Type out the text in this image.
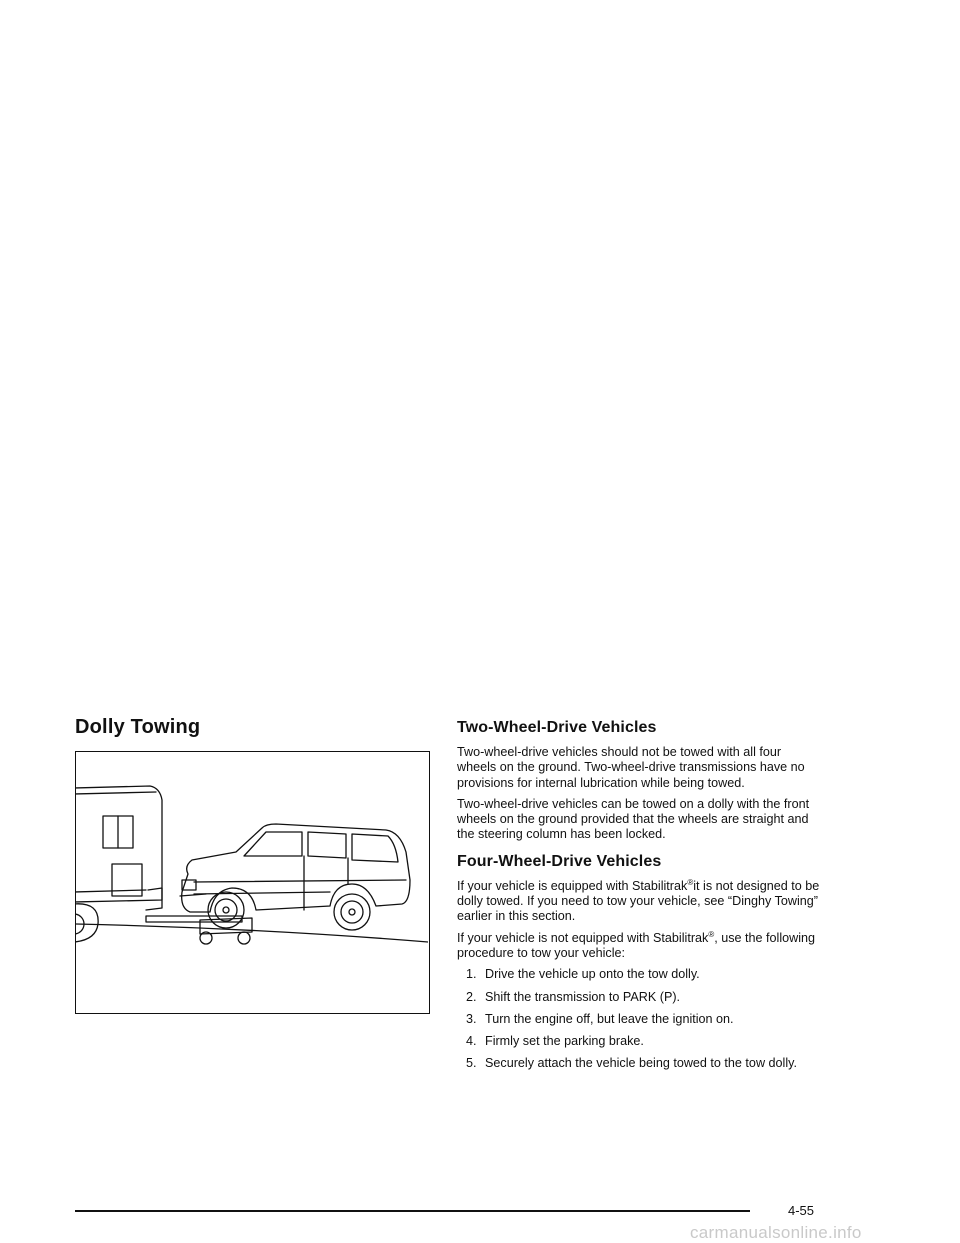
Dolly Towing	Two-Wheel-Drive Vehicles

Two-wheel-drive vehicles should not be towed with all four wheels on the ground. Two-wheel-drive transmissions have no provisions for internal lubrication while being towed.

Two-wheel-drive vehicles can be towed on a dolly with the front wheels on the ground provided that the wheels are straight and the steering column has been locked.

Four-Wheel-Drive Vehicles

If your vehicle is equipped with Stabilitrak®it is not designed to be dolly towed. If you need to tow your vehicle, see “Dinghy Towing” earlier in this section.

If your vehicle is not equipped with Stabilitrak®, use the following procedure to tow your vehicle:

1. Drive the vehicle up onto the tow dolly.
2. Shift the transmission to PARK (P).
3. Turn the engine off, but leave the ignition on.
4. Firmly set the parking brake.
5. Securely attach the vehicle being towed to the tow dolly.
4-55
carmanualsonline.info
